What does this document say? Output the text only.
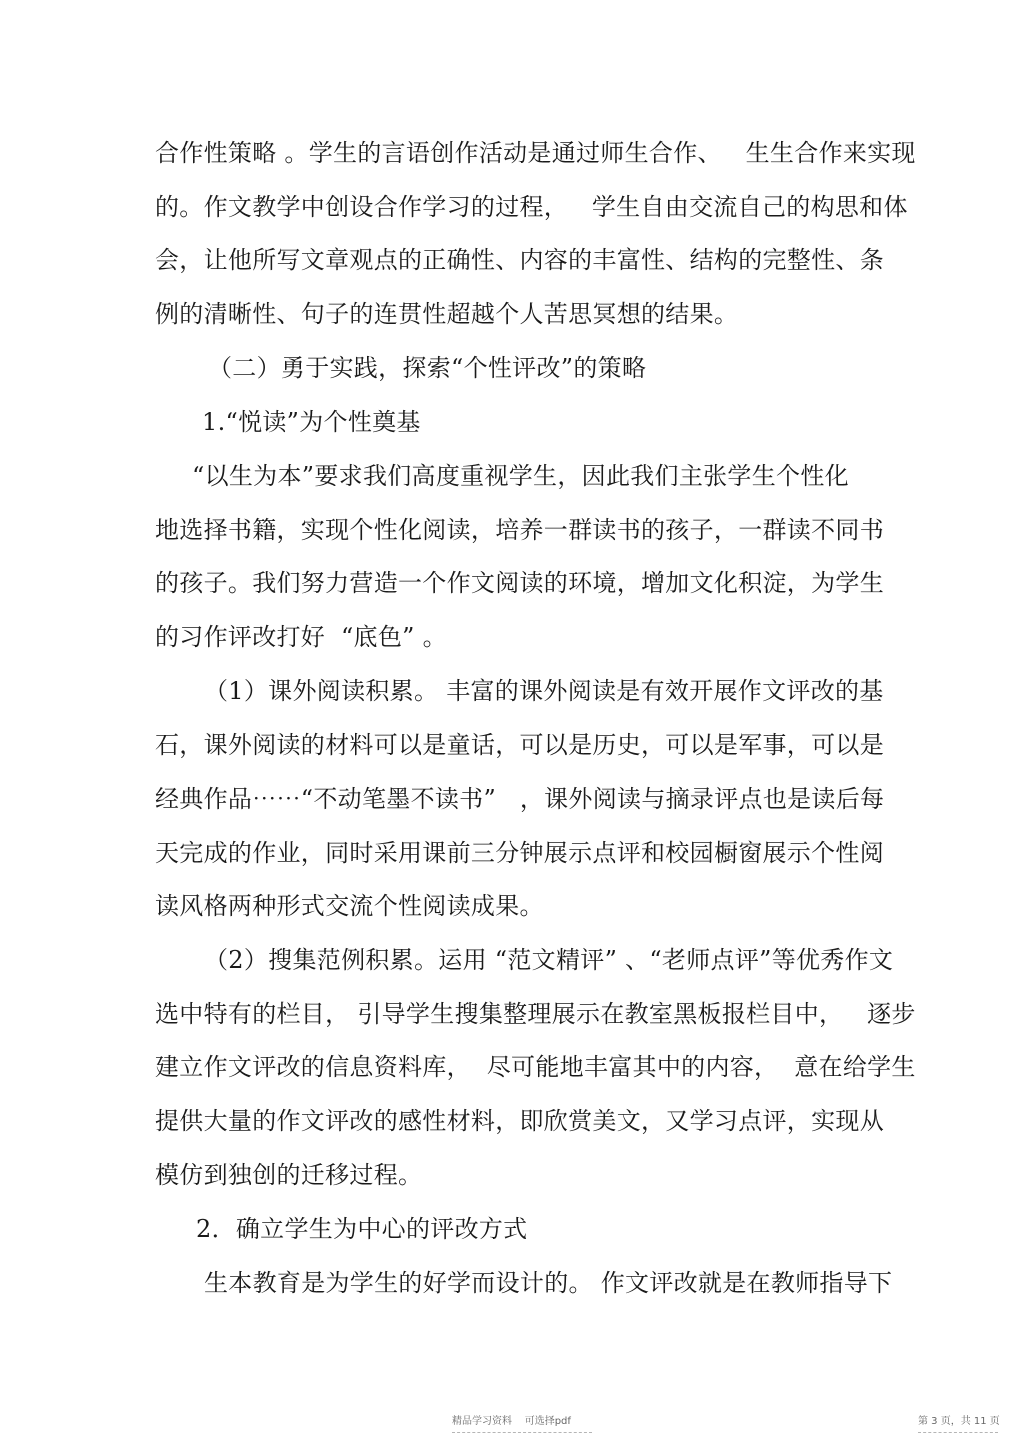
合作性策略 。学生的言语创作活动是通过师生合作、   生生合作来实现
的。作文教学中创设合作学习的过程，   学生自由交流自己的构思和体
会，让他所写文章观点的正确性、内容的丰富性、结构的完整性、条
例的清晰性、句子的连贯性超越个人苦思冥想的结果。
（二）勇于实践，探索“个性评改”的策略
1.“悦读”为个性奠基
“以生为本”要求我们高度重视学生，因此我们主张学生个性化
地选择书籍，实现个性化阅读，培养一群读书的孩子，一群读不同书
的孩子。我们努力营造一个作文阅读的环境，增加文化积淀，为学生
的习作评改打好  “底色” 。
（1）课外阅读积累。 丰富的课外阅读是有效开展作文评改的基
石，课外阅读的材料可以是童话，可以是历史，可以是军事，可以是
经典作品⋯⋯“不动笔墨不读书”   ，课外阅读与摘录评点也是读后每
天完成的作业，同时采用课前三分钟展示点评和校园橱窗展示个性阅
读风格两种形式交流个性阅读成果。
（2）搜集范例积累。运用 “范文精评” 、“老师点评”等优秀作文
选中特有的栏目， 引导学生搜集整理展示在教室黑板报栏目中，   逐步
建立作文评改的信息资料库，  尽可能地丰富其中的内容，  意在给学生
提供大量的作文评改的感性材料，即欣赏美文，又学习点评，实现从
模仿到独创的迁移过程。
2．确立学生为中心的评改方式
生本教育是为学生的好学而设计的。 作文评改就是在教师指导下
精品学习资料    可选择pdf	第 3 页，共 11 页
